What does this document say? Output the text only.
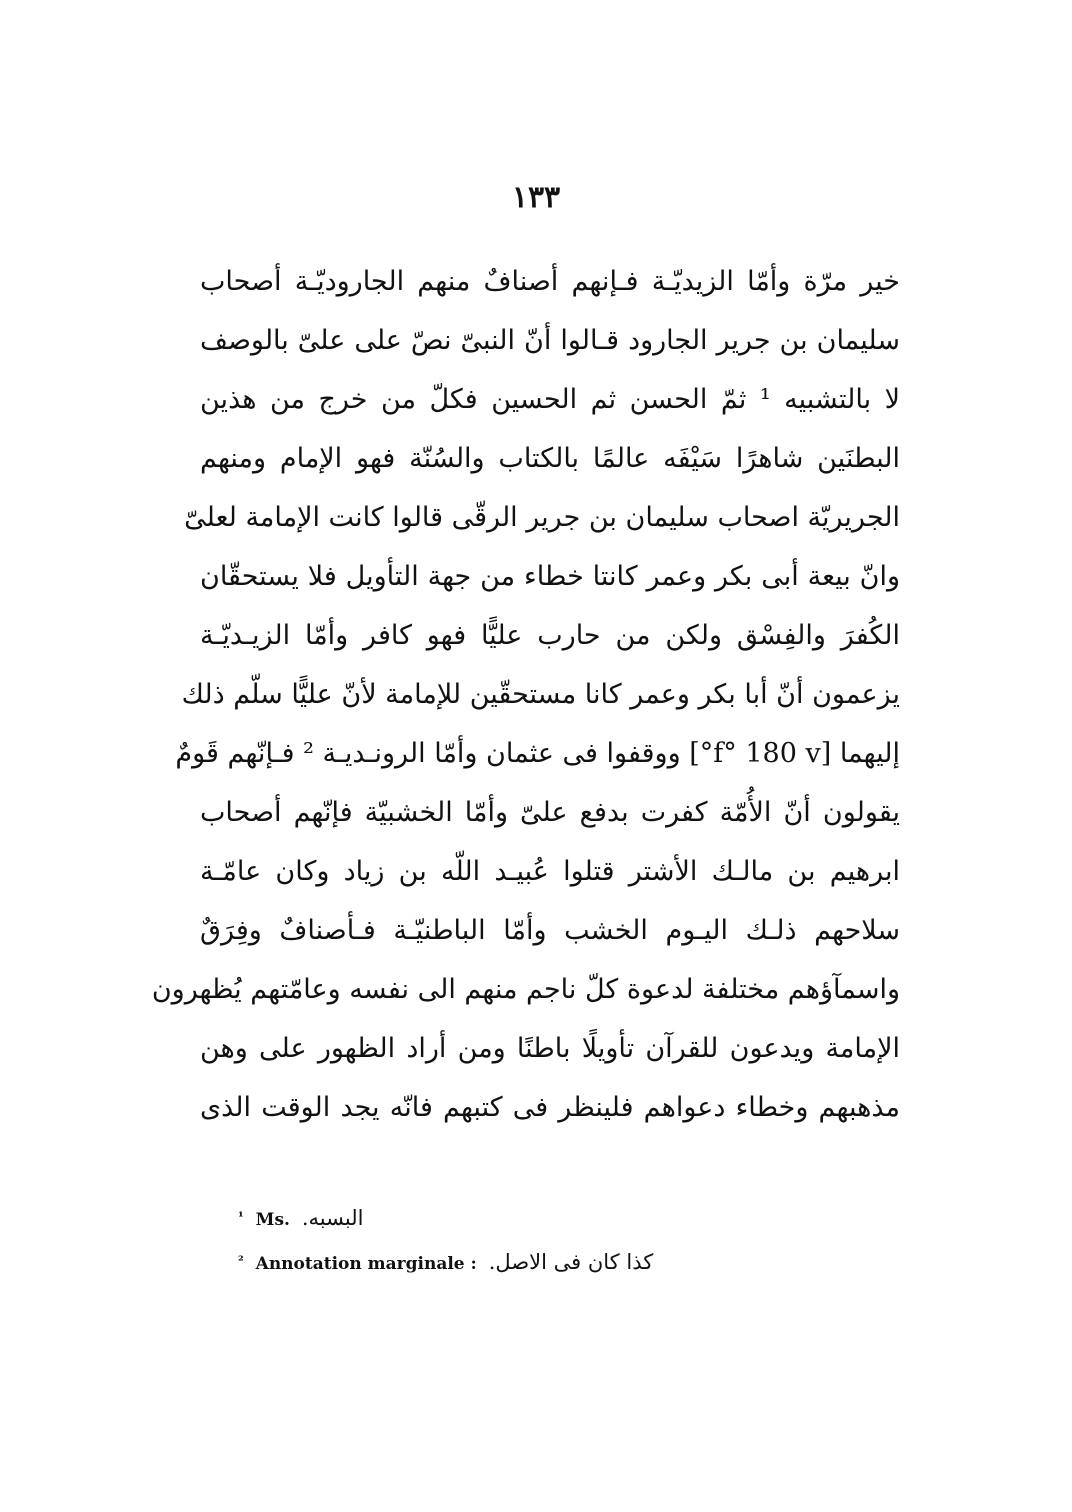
١٣٣
خير مرّة وأمّا الزيديّـة فـإنهم أصنافٌ منهم الجاروديّـة أصحاب
سليمان بن جرير الجارود قـالوا أنّ النبىّ نصّ على علىّ بالوصف
لا بالتشبيه ¹ ثمّ الحسن ثم الحسين فكلّ من خرج من هذين
البطنَين شاهرًا سَيْفَه عالمًا بالكتاب والسُنّة فهو الإمام ومنهم
الجريريّة اصحاب سليمان بن جرير الرقّى قالوا كانت الإمامة لعلىّ
وانّ بيعة أبى بكر وعمر كانتا خطاء من جهة التأويل فلا يستحقّان
الكُفرَ والفِسْق ولكن من حارب عليًّا فهو كافر وأمّا الزيـديّـة
يزعمون أنّ أبا بكر وعمر كانا مستحقّين للإمامة لأنّ عليًّا سلّم ذلك
إليهما [f° 180 v°] ووقفوا فى عثمان وأمّا الرونـديـة ² فـإنّهم قَومٌ
يقولون أنّ الأُمّة كفرت بدفع علىّ وأمّا الخشبيّة فإنّهم أصحاب
ابرهيم بن مالـك الأشتر قتلوا عُبيـد اللّه بن زياد وكان عامّـة
سلاحهم ذلـك اليـوم الخشب وأمّا الباطنيّـة فـأصنافٌ وفِرَقٌ
واسمآؤهم مختلفة لدعوة كلّ ناجم منهم الى نفسه وعامّتهم يُظهرون
الإمامة ويدعون للقرآن تأويلًا باطنًا ومن أراد الظهور على وهن
مذهبهم وخطاء دعواهم فلينظر فى كتبهم فانّه يجد الوقت الذى
$^{^1}$ Ms. البسبه.
$^{^2}$ Annotation marginale : كذا كان فى الاصل.
